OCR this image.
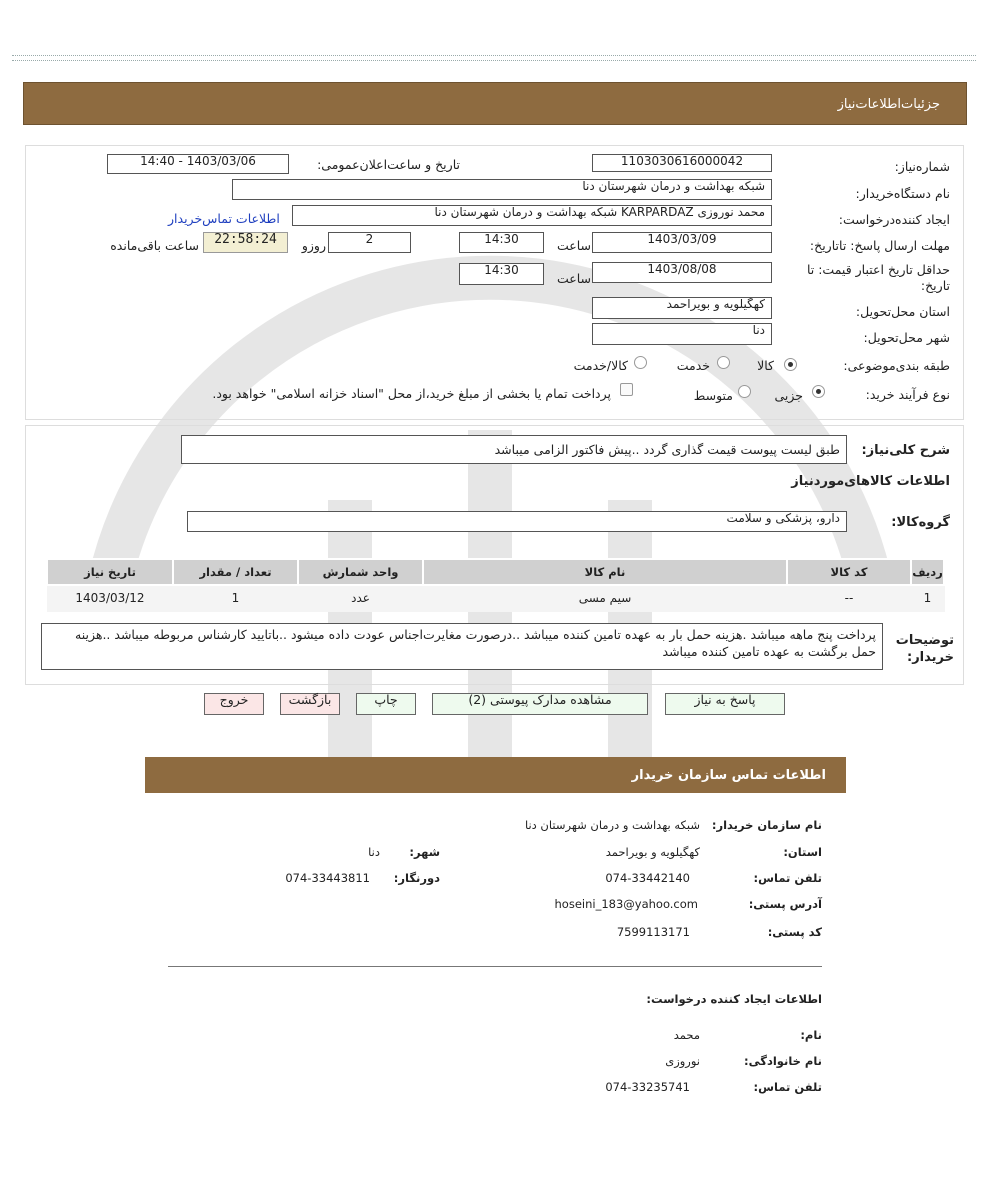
جزئیات‌اطلاعات‌نیاز
شماره‌نیاز:
1103030616000042
تاریخ و ساعت‌اعلان‌عمومی:
1403/03/06 - 14:40
نام دستگاه‌خریدار:
شبکه بهداشت و درمان شهرستان دنا
ایجاد کننده‌درخواست:
محمد نوروزی KARPARDAZ شبکه بهداشت و درمان شهرستان دنا
اطلاعات تماس‌خریدار
مهلت ارسال پاسخ: تاتاریخ:
1403/03/09
ساعت
14:30
2
روزو
22:58:24
ساعت باقی‌مانده
حداقل تاریخ اعتبار قیمت: تا تاریخ:
1403/08/08
ساعت
14:30
استان محل‌تحویل:
کهگیلویه و بویراحمد
شهر محل‌تحویل:
دنا
طبقه بندی‌موضوعی:
کالا
خدمت
کالا/خدمت
نوع فرآیند خرید:
جزیی
متوسط
پرداخت تمام یا بخشی از مبلغ خرید،از محل "اسناد خزانه اسلامی" خواهد بود.
شرح کلی‌نیاز:
طبق لیست پیوست قیمت گذاری گردد ..پیش فاکتور الزامی میباشد
اطلاعات کالاهای‌مورد‌نیاز
گروه‌کالا:
دارو، پزشکی و سلامت
ردیف	کد کالا	نام کالا	واحد شمارش	تعداد / مقدار	تاریخ نیاز
1	--	سیم مسی	عدد	1	1403/03/12
توضیحات خریدار:
پرداخت پنج ماهه میباشد .هزینه حمل بار به عهده تامین کننده میباشد ..درصورت مغایرت‌اجناس عودت داده میشود ..باتایید کارشناس مربوطه میباشد ..هزینه حمل برگشت به عهده تامین کننده میباشد
پاسخ به نیاز
مشاهده مدارک پیوستی (2)
چاپ
بازگشت
خروج
اطلاعات تماس سازمان خریدار
نام سازمان خریدار:
شبکه بهداشت و درمان شهرستان دنا
استان:
کهگیلویه و بویراحمد
شهر:
دنا
تلفن تماس:
074-33442140
دورنگار:
074-33443811
آدرس پستی:
hoseini_183@yahoo.com
کد پستی:
7599113171
اطلاعات ایجاد کننده درخواست:
نام:
محمد
نام خانوادگی:
نوروزی
تلفن تماس:
074-33235741
